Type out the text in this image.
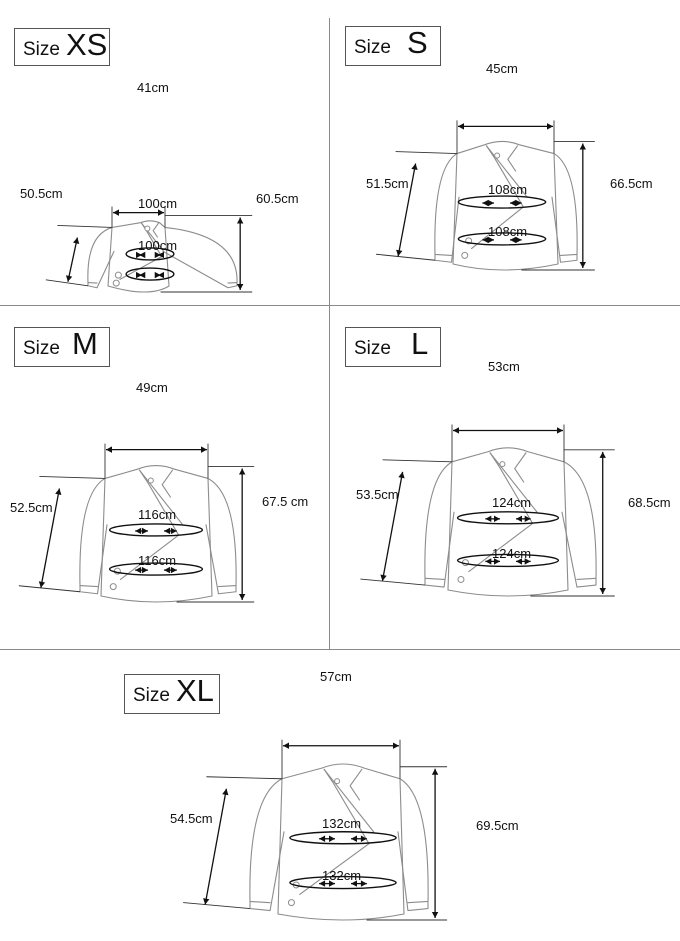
Size XS
41cm
50.5cm
100cm
100cm
60.5cm
Size S
45cm
51.5cm	108cm
108cm
66.5cm
Size M
49cm
52.5cm	116cm
116cm
67.5 cm
Size L
53cm
53.5cm
124cm
124cm
68.5cm
Size XL	57cm
54.5cm	132cm
132cm
69.5cm
